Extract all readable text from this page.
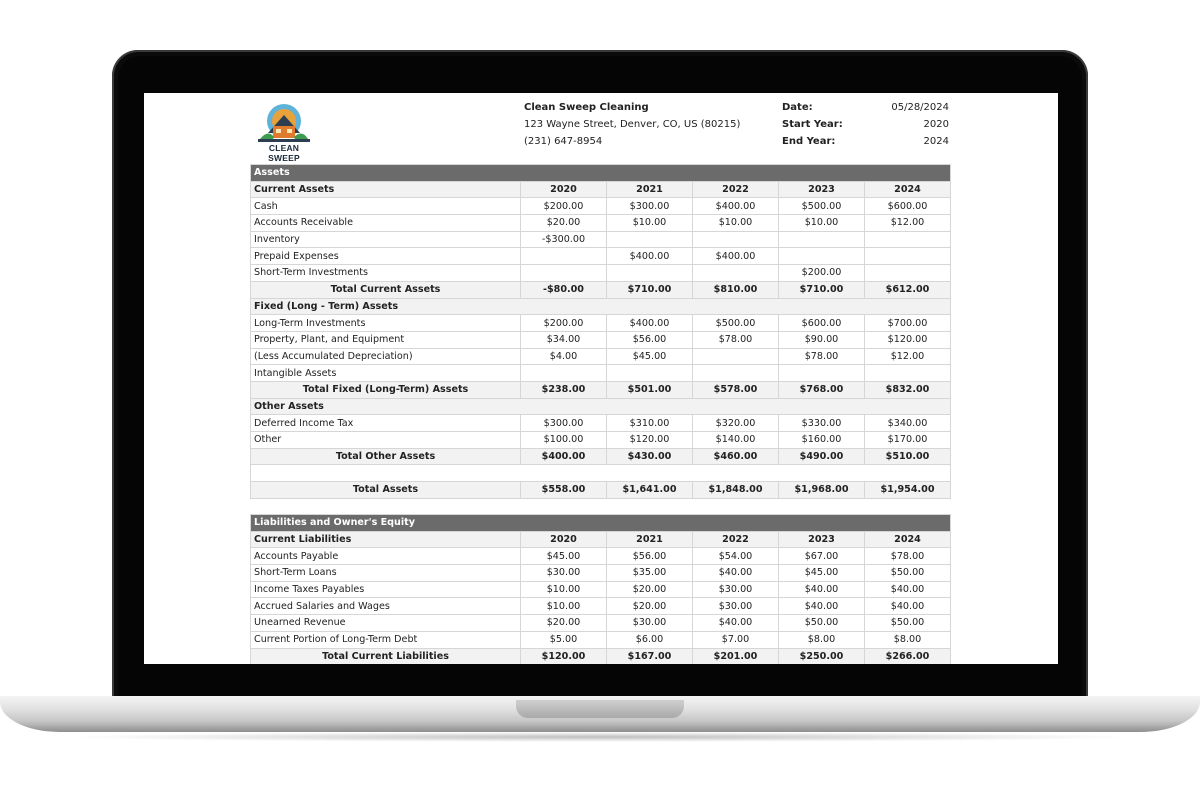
CLEAN SWEEP
Clean Sweep Cleaning
123 Wayne Street, Denver, CO, US (80215)
(231) 647-8954
Date:	05/28/2024
Start Year:	2020
End Year:	2024
Assets					
Current Assets	2020	2021	2022	2023	2024
Cash	$200.00	$300.00	$400.00	$500.00	$600.00
Accounts Receivable	$20.00	$10.00	$10.00	$10.00	$12.00
Inventory	-$300.00				
Prepaid Expenses		$400.00	$400.00		
Short-Term Investments				$200.00	
Total Current Assets	-$80.00	$710.00	$810.00	$710.00	$612.00
Fixed (Long - Term) Assets					
Long-Term Investments	$200.00	$400.00	$500.00	$600.00	$700.00
Property, Plant, and Equipment	$34.00	$56.00	$78.00	$90.00	$120.00
(Less Accumulated Depreciation)	$4.00	$45.00		$78.00	$12.00
Intangible Assets					
Total Fixed (Long-Term) Assets	$238.00	$501.00	$578.00	$768.00	$832.00
Other Assets					
Deferred Income Tax	$300.00	$310.00	$320.00	$330.00	$340.00
Other	$100.00	$120.00	$140.00	$160.00	$170.00
Total Other Assets	$400.00	$430.00	$460.00	$490.00	$510.00

Total Assets	$558.00	$1,641.00	$1,848.00	$1,968.00	$1,954.00
Liabilities and Owner's Equity					
Current Liabilities	2020	2021	2022	2023	2024
Accounts Payable	$45.00	$56.00	$54.00	$67.00	$78.00
Short-Term Loans	$30.00	$35.00	$40.00	$45.00	$50.00
Income Taxes Payables	$10.00	$20.00	$30.00	$40.00	$40.00
Accrued Salaries and Wages	$10.00	$20.00	$30.00	$40.00	$40.00
Unearned Revenue	$20.00	$30.00	$40.00	$50.00	$50.00
Current Portion of Long-Term Debt	$5.00	$6.00	$7.00	$8.00	$8.00
Total Current Liabilities	$120.00	$167.00	$201.00	$250.00	$266.00
